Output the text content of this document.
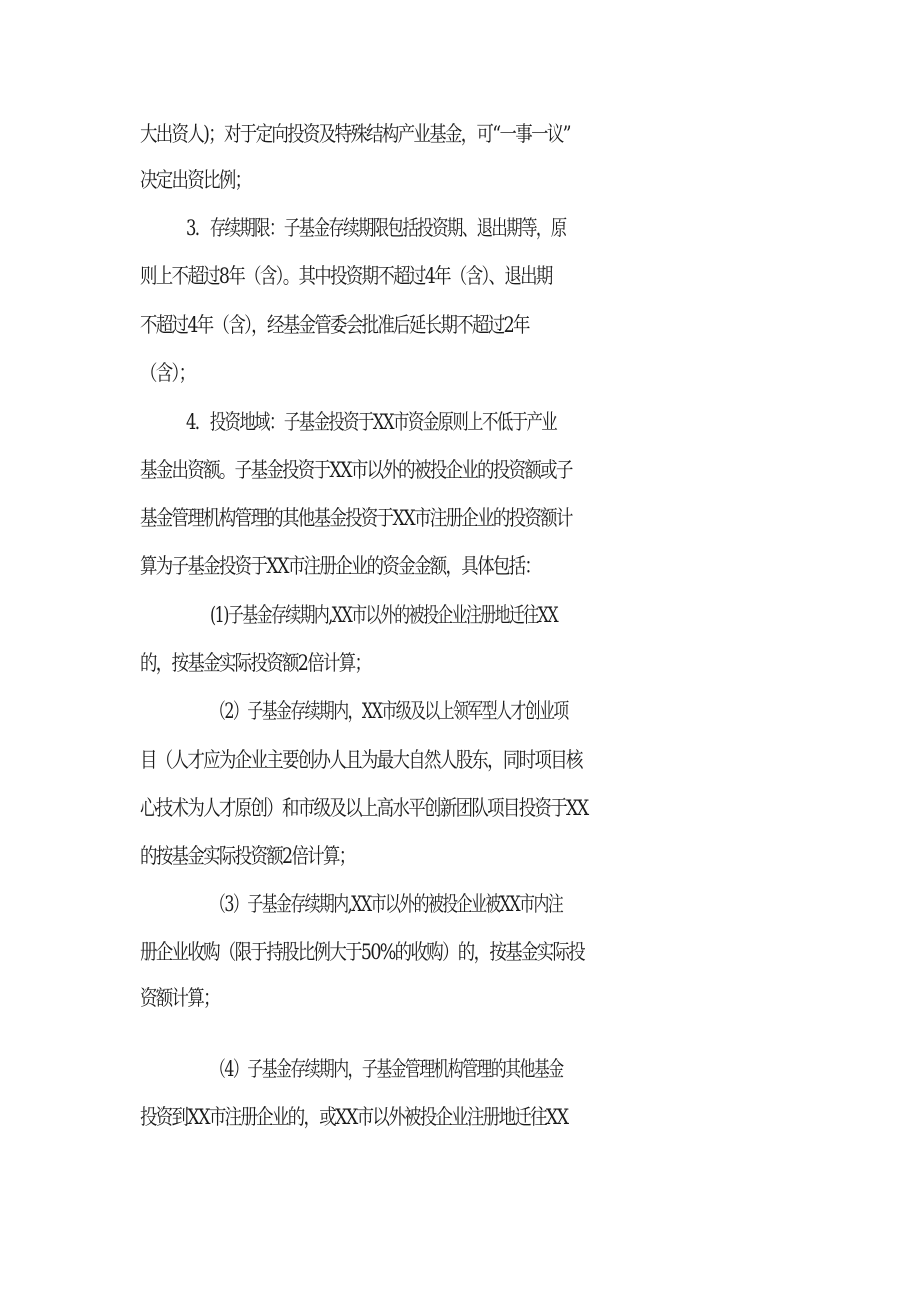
大出资人)；对于定向投资及特殊结构产业基金，可“一事一议”
决定出资比例；
3．存续期限：子基金存续期限包括投资期、退出期等，原
则上不超过8年（含）。其中投资期不超过4年（含）、退出期
不超过4年（含），经基金管委会批准后延长期不超过2年
（含）；
4．投资地域：子基金投资于XX市资金原则上不低于产业
基金出资额。子基金投资于XX市以外的被投企业的投资额或子
基金管理机构管理的其他基金投资于XX市注册企业的投资额计
算为子基金投资于XX市注册企业的资金金额，具体包括：
(1)子基金存续期内,XX市以外的被投企业注册地迁往XX
的，按基金实际投资额2倍计算；
（2）子基金存续期内，XX市级及以上领军型人才创业项
目（人才应为企业主要创办人且为最大自然人股东，同时项目核
心技术为人才原创）和市级及以上高水平创新团队项目投资于XX
的按基金实际投资额2倍计算；
（3）子基金存续期内,XX市以外的被投企业被XX市内注
册企业收购（限于持股比例大于50%的收购）的，按基金实际投
资额计算；
（4）子基金存续期内，子基金管理机构管理的其他基金
投资到XX市注册企业的，或XX市以外被投企业注册地迁往XX
